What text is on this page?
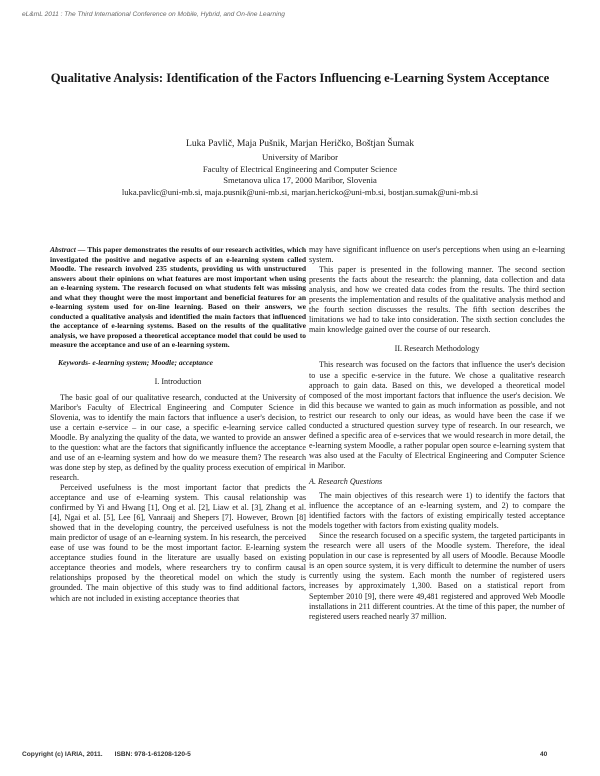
eL&mL 2011 : The Third International Conference on Mobile, Hybrid, and On-line Learning
Qualitative Analysis: Identification of the Factors Influencing e-Learning System Acceptance
Luka Pavlič, Maja Pušnik, Marjan Heričko, Boštjan Šumak
University of Maribor
Faculty of Electrical Engineering and Computer Science
Smetanova ulica 17, 2000 Maribor, Slovenia
luka.pavlic@uni-mb.si, maja.pusnik@uni-mb.si, marjan.hericko@uni-mb.si, bostjan.sumak@uni-mb.si

Abstract — This paper demonstrates the results of our research activities, which investigated the positive and negative aspects of an e-learning system called Moodle. The research involved 235 students, providing us with unstructured answers about their opinions on what features are most important when using an e-learning system. The research focused on what students felt was missing and what they thought were the most important and beneficial features for an e-learning system used for on-line learning. Based on their answers, we conducted a qualitative analysis and identified the main factors that influenced the acceptance of e-learning systems. Based on the results of the qualitative analysis, we have proposed a theoretical acceptance model that could be used to measure the acceptance and use of an e-learning system.

Keywords- e-learning system; Moodle; acceptance
I. Introduction

The basic goal of our qualitative research, conducted at the University of Maribor's Faculty of Electrical Engineering and Computer Science in Slovenia, was to identify the main factors that influence a user's decision, to use a certain e-service – in our case, a specific e-learning service called Moodle. By analyzing the quality of the data, we wanted to provide an answer to the question: what are the factors that significantly influence the acceptance and use of an e-learning system and how do we measure them? The research was done step by step, as defined by the quality process execution of empirical research.

Perceived usefulness is the most important factor that predicts the acceptance and use of e-learning system. This causal relationship was confirmed by Yi and Hwang [1], Ong et al. [2], Liaw et al. [3], Zhang et al. [4], Ngai et al. [5], Lee [6], Vanraaij and Shepers [7]. However, Brown [8] showed that in the developing country, the perceived usefulness is not the main predictor of usage of an e-learning system. In his research, the perceived ease of use was found to be the most important factor. E-learning system acceptance studies found in the literature are usually based on existing acceptance theories and models, where researchers try to confirm causal relationships proposed by the theoretical model on which the study is grounded. The main objective of this study was to find additional factors, which are not included in existing acceptance theories that

may have significant influence on user's perceptions when using an e-learning system.

This paper is presented in the following manner. The second section presents the facts about the research: the planning, data collection and data analysis, and how we created data codes from the results. The third section presents the implementation and results of the qualitative analysis method and the fourth section discusses the results. The fifth section describes the limitations we had to take into consideration. The sixth section concludes the main knowledge gained over the course of our research.

II. Research Methodology

This research was focused on the factors that influence the user's decision to use a specific e-service in the future. We chose a qualitative research approach to gain data. Based on this, we developed a theoretical model composed of the most important factors that influence the user's decision. We did this because we wanted to gain as much information as possible, and not restrict our research to only our ideas, as would have been the case if we conducted a structured question survey type of research. In our research, we defined a specific area of e-services that we would research in more detail, the e-learning system Moodle, a rather popular open source e-learning system that was also used at the Faculty of Electrical Engineering and Computer Science in Maribor.

A. Research Questions

The main objectives of this research were 1) to identify the factors that influence the acceptance of an e-learning system, and 2) to compare the identified factors with the factors of existing empirically tested acceptance models together with factors from existing quality models.

Since the research focused on a specific system, the targeted participants in the research were all users of the Moodle system. Therefore, the ideal population in our case is represented by all users of Moodle. Because Moodle is an open source system, it is very difficult to determine the number of users currently using the system. Each month the number of registered users increases by approximately 1,300. Based on a statistical report from September 2010 [9], there were 49,481 registered and approved Web Moodle installations in 211 different countries. At the time of this paper, the number of registered users reached nearly 37 million.

Copyright (c) IARIA, 2011. ISBN: 978-1-61208-120-5	40
